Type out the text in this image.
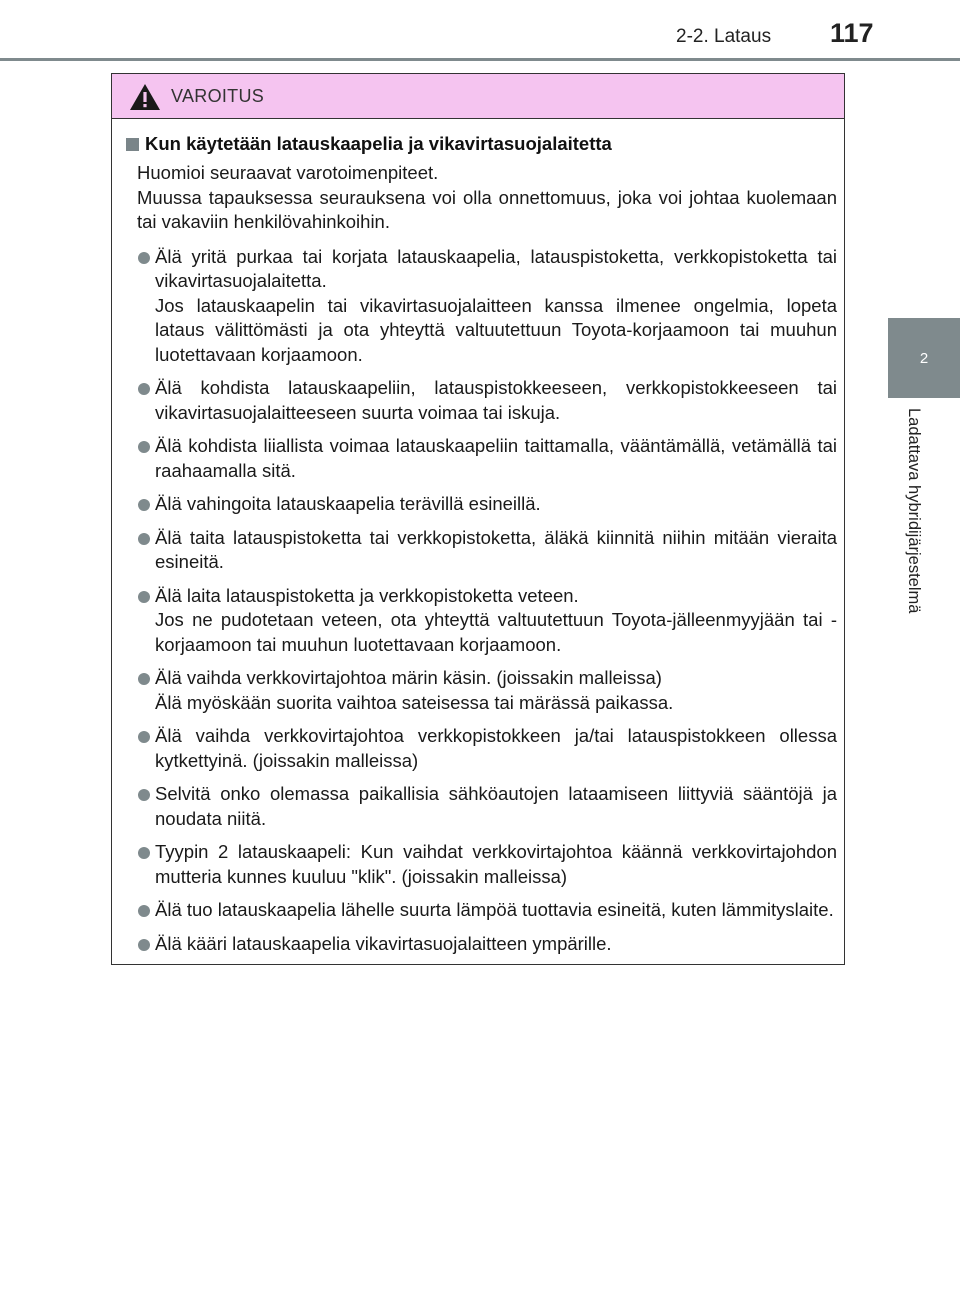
2-2. Lataus 117
2
Ladattava hybridijärjestelmä
VAROITUS
Kun käytetään latauskaapelia ja vikavirtasuojalaitetta

Huomioi seuraavat varotoimenpiteet.

Muussa tapauksessa seurauksena voi olla onnettomuus, joka voi johtaa kuolemaan tai vakaviin henkilövahinkoihin.

Älä yritä purkaa tai korjata latauskaapelia, latauspistoketta, verkkopistoketta tai vikavirtasuojalaitetta.

Jos latauskaapelin tai vikavirtasuojalaitteen kanssa ilmenee ongelmia, lopeta lataus välittömästi ja ota yhteyttä valtuutettuun Toyota-korjaamoon tai muuhun luotettavaan korjaamoon.

Älä kohdista latauskaapeliin, latauspistokkeeseen, verkkopistokkeeseen tai vikavirtasuojalaitteeseen suurta voimaa tai iskuja.

Älä kohdista liiallista voimaa latauskaapeliin taittamalla, vääntämällä, vetämällä tai raahaamalla sitä.

Älä vahingoita latauskaapelia terävillä esineillä.

Älä taita latauspistoketta tai verkkopistoketta, äläkä kiinnitä niihin mitään vieraita esineitä.

Älä laita latauspistoketta ja verkkopistoketta veteen.

Jos ne pudotetaan veteen, ota yhteyttä valtuutettuun Toyota-jälleenmyyjään tai -korjaamoon tai muuhun luotettavaan korjaamoon.

Älä vaihda verkkovirtajohtoa märin käsin. (joissakin malleissa)

Älä myöskään suorita vaihtoa sateisessa tai märässä paikassa.

Älä vaihda verkkovirtajohtoa verkkopistokkeen ja/tai latauspistokkeen ollessa kytkettyinä. (joissakin malleissa)

Selvitä onko olemassa paikallisia sähköautojen lataamiseen liittyviä sääntöjä ja noudata niitä.

Tyypin 2 latauskaapeli: Kun vaihdat verkkovirtajohtoa käännä verkkovirtajohdon mutteria kunnes kuuluu "klik". (joissakin malleissa)

Älä tuo latauskaapelia lähelle suurta lämpöä tuottavia esineitä, kuten lämmityslaite.

Älä kääri latauskaapelia vikavirtasuojalaitteen ympärille.
